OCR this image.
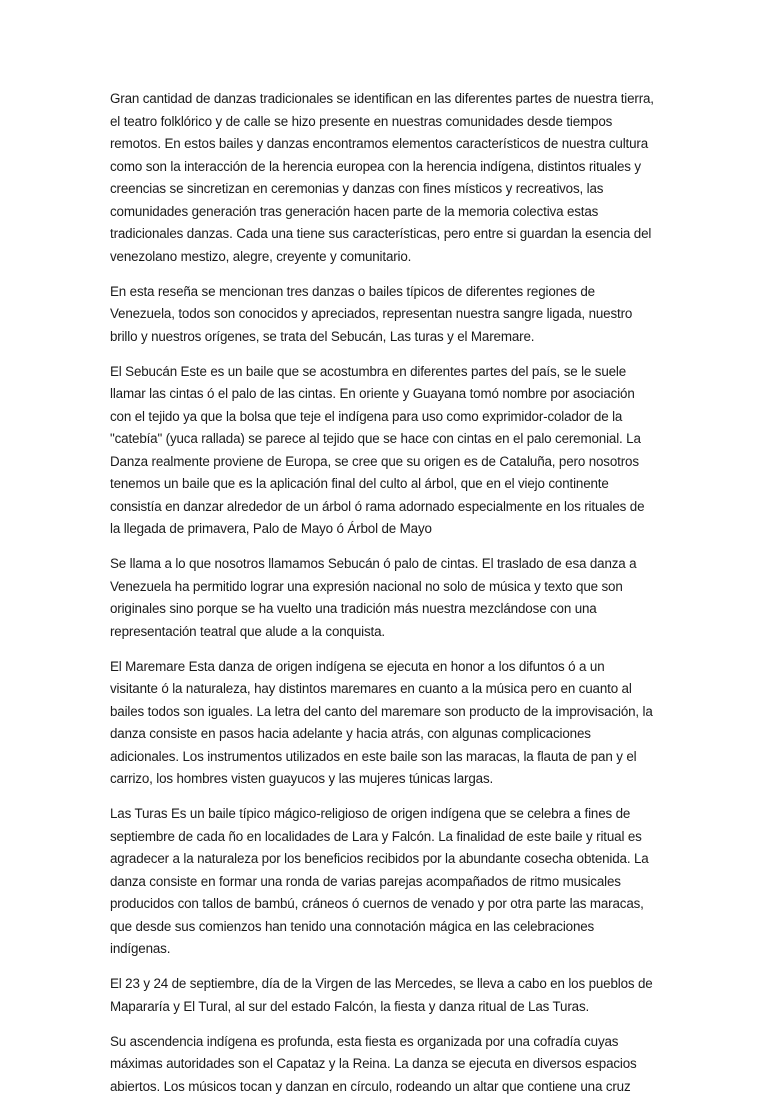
Gran cantidad de danzas tradicionales se identifican en las diferentes partes de nuestra tierra, el teatro folklórico y de calle se hizo presente en nuestras comunidades desde tiempos remotos. En estos bailes y danzas encontramos elementos característicos de nuestra cultura como son la interacción de la herencia europea con la herencia indígena, distintos rituales y creencias se sincretizan en ceremonias y danzas con fines místicos y recreativos, las comunidades generación tras generación hacen parte de la memoria colectiva estas tradicionales danzas. Cada una tiene sus características, pero entre si guardan la esencia del venezolano mestizo, alegre, creyente y comunitario.

En esta reseña se mencionan tres danzas o bailes típicos de diferentes regiones de Venezuela, todos son conocidos y apreciados, representan nuestra sangre ligada, nuestro brillo y nuestros orígenes, se trata del Sebucán, Las turas y el Maremare.

El Sebucán Este es un baile que se acostumbra en diferentes partes del país, se le suele llamar las cintas ó el palo de las cintas. En oriente y Guayana tomó nombre por asociación con el tejido ya que la bolsa que teje el indígena para uso como exprimidor-colador de la "catebía" (yuca rallada) se parece al tejido que se hace con cintas en el palo ceremonial. La Danza realmente proviene de Europa, se cree que su origen es de Cataluña, pero nosotros tenemos un baile que es la aplicación final del culto al árbol, que en el viejo continente consistía en danzar alrededor de un árbol ó rama adornado especialmente en los rituales de la llegada de primavera, Palo de Mayo ó Árbol de Mayo

Se llama a lo que nosotros llamamos Sebucán ó palo de cintas. El traslado de esa danza a Venezuela ha permitido lograr una expresión nacional no solo de música y texto que son originales sino porque se ha vuelto una tradición más nuestra mezclándose con una representación teatral que alude a la conquista.

El Maremare Esta danza de origen indígena se ejecuta en honor a los difuntos ó a un visitante ó la naturaleza, hay distintos maremares en cuanto a la música pero en cuanto al bailes todos son iguales. La letra del canto del maremare son producto de la improvisación, la danza consiste en pasos hacia adelante y hacia atrás, con algunas complicaciones adicionales. Los instrumentos utilizados en este baile son las maracas, la flauta de pan y el carrizo, los hombres visten guayucos y las mujeres túnicas largas.

Las Turas Es un baile típico mágico-religioso de origen indígena que se celebra a fines de septiembre de cada ño en localidades de Lara y Falcón. La finalidad de este baile y ritual es agradecer a la naturaleza por los beneficios recibidos por la abundante cosecha obtenida. La danza consiste en formar una ronda de varias parejas acompañados de ritmo musicales producidos con tallos de bambú, cráneos ó cuernos de venado y por otra parte las maracas, que desde sus comienzos han tenido una connotación mágica en las celebraciones indígenas.

El 23 y 24 de septiembre, día de la Virgen de las Mercedes, se lleva a cabo en los pueblos de Mapararía y El Tural, al sur del estado Falcón, la fiesta y danza ritual de Las Turas.

Su ascendencia indígena es profunda, esta fiesta es organizada por una cofradía cuyas máximas autoridades son el Capataz y la Reina. La danza se ejecuta en diversos espacios abiertos. Los músicos tocan y danzan en círculo, rodeando un altar que contiene una cruz
